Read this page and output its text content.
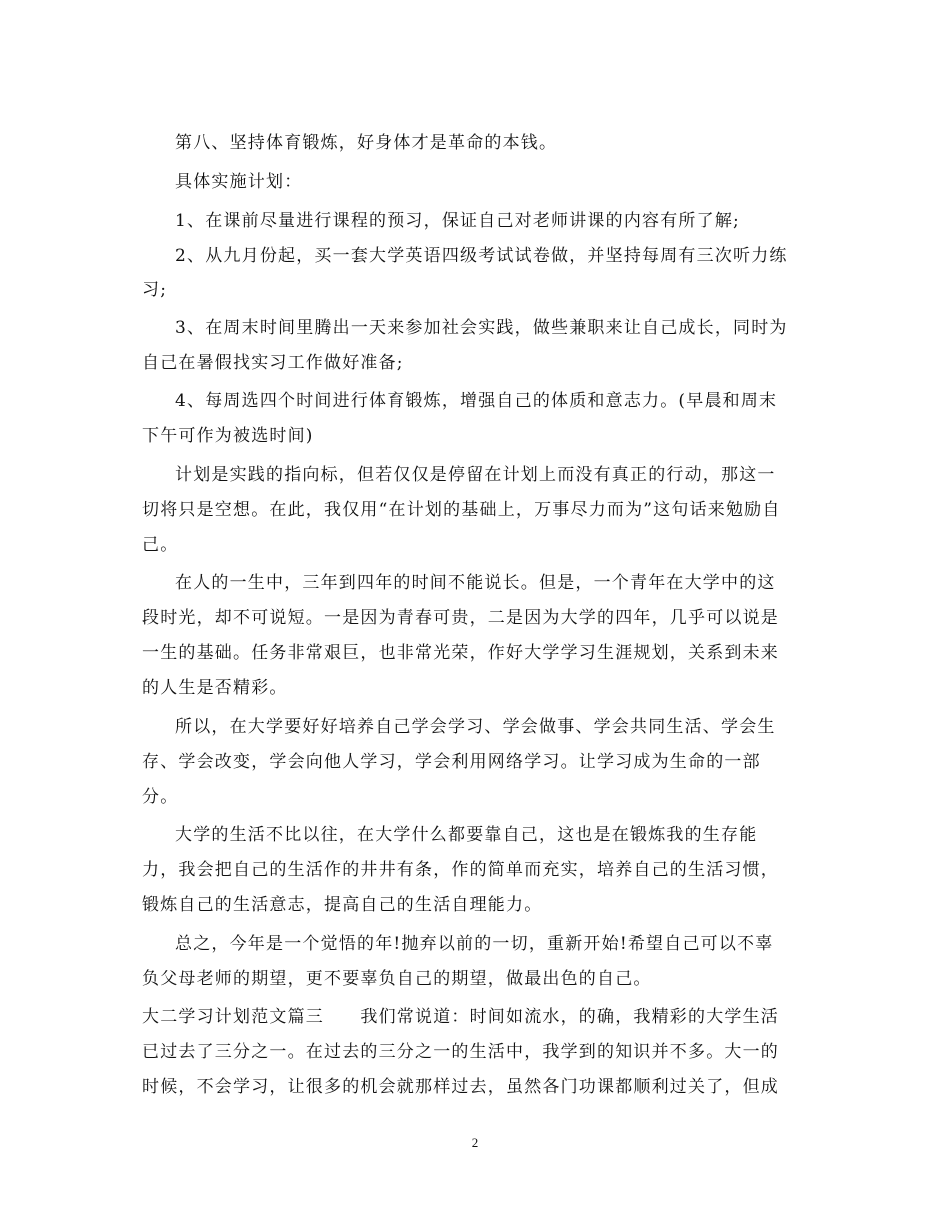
第八、坚持体育锻炼，好身体才是革命的本钱。
具体实施计划：
1、在课前尽量进行课程的预习，保证自己对老师讲课的内容有所了解;
2、从九月份起，买一套大学英语四级考试试卷做，并坚持每周有三次听力练
习;
3、在周末时间里腾出一天来参加社会实践，做些兼职来让自己成长，同时为
自己在暑假找实习工作做好准备;
4、每周选四个时间进行体育锻炼，增强自己的体质和意志力。(早晨和周末
下午可作为被选时间)
计划是实践的指向标，但若仅仅是停留在计划上而没有真正的行动，那这一
切将只是空想。在此，我仅用“在计划的基础上，万事尽力而为”这句话来勉励自
己。
在人的一生中，三年到四年的时间不能说长。但是，一个青年在大学中的这
段时光，却不可说短。一是因为青春可贵，二是因为大学的四年，几乎可以说是
一生的基础。任务非常艰巨，也非常光荣，作好大学学习生涯规划，关系到未来
的人生是否精彩。
所以，在大学要好好培养自己学会学习、学会做事、学会共同生活、学会生
存、学会改变，学会向他人学习，学会利用网络学习。让学习成为生命的一部
分。
大学的生活不比以往，在大学什么都要靠自己，这也是在锻炼我的生存能
力，我会把自己的生活作的井井有条，作的简单而充实，培养自己的生活习惯，
锻炼自己的生活意志，提高自己的生活自理能力。
总之，今年是一个觉悟的年!抛弃以前的一切，重新开始!希望自己可以不辜
负父母老师的期望，更不要辜负自己的期望，做最出色的自己。
大二学习计划范文篇三　　我们常说道：时间如流水，的确，我精彩的大学生活
已过去了三分之一。在过去的三分之一的生活中，我学到的知识并不多。大一的
时候，不会学习，让很多的机会就那样过去，虽然各门功课都顺利过关了，但成
2
